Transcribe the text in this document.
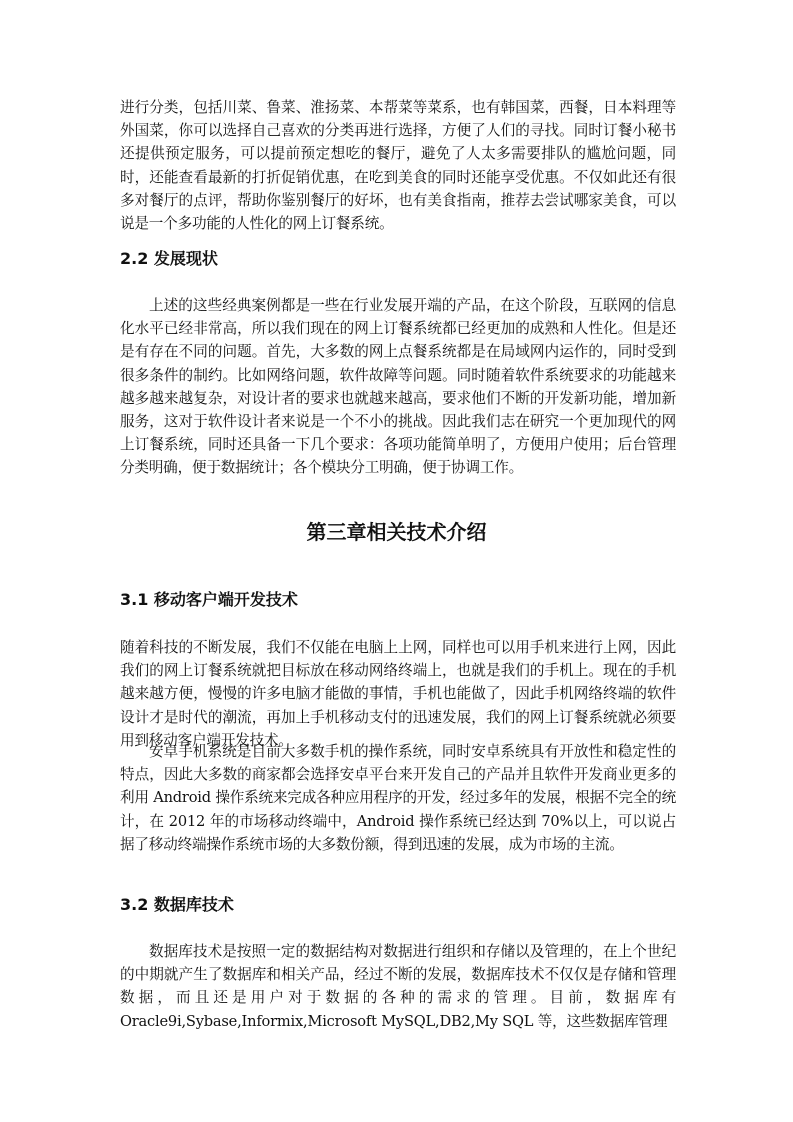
进行分类，包括川菜、鲁菜、淮扬菜、本帮菜等菜系，也有韩国菜，西餐，日本料理等外国菜，你可以选择自己喜欢的分类再进行选择，方便了人们的寻找。同时订餐小秘书还提供预定服务，可以提前预定想吃的餐厅，避免了人太多需要排队的尴尬问题，同时，还能查看最新的打折促销优惠，在吃到美食的同时还能享受优惠。不仅如此还有很多对餐厅的点评，帮助你鉴别餐厅的好坏，也有美食指南，推荐去尝试哪家美食，可以说是一个多功能的人性化的网上订餐系统。

2.2 发展现状

上述的这些经典案例都是一些在行业发展开端的产品，在这个阶段，互联网的信息化水平已经非常高，所以我们现在的网上订餐系统都已经更加的成熟和人性化。但是还是有存在不同的问题。首先，大多数的网上点餐系统都是在局域网内运作的，同时受到很多条件的制约。比如网络问题，软件故障等问题。同时随着软件系统要求的功能越来越多越来越复杂，对设计者的要求也就越来越高，要求他们不断的开发新功能，增加新服务，这对于软件设计者来说是一个不小的挑战。因此我们志在研究一个更加现代的网上订餐系统，同时还具备一下几个要求：各项功能简单明了，方便用户使用；后台管理分类明确，便于数据统计；各个模块分工明确，便于协调工作。

第三章相关技术介绍
3.1 移动客户端开发技术

随着科技的不断发展，我们不仅能在电脑上上网，同样也可以用手机来进行上网，因此我们的网上订餐系统就把目标放在移动网络终端上，也就是我们的手机上。现在的手机越来越方便，慢慢的许多电脑才能做的事情，手机也能做了，因此手机网络终端的软件设计才是时代的潮流，再加上手机移动支付的迅速发展，我们的网上订餐系统就必须要用到移动客户端开发技术。

安卓手机系统是目前大多数手机的操作系统，同时安卓系统具有开放性和稳定性的特点，因此大多数的商家都会选择安卓平台来开发自己的产品并且软件开发商业更多的利用 Android 操作系统来完成各种应用程序的开发，经过多年的发展，根据不完全的统计，在 2012 年的市场移动终端中，Android 操作系统已经达到 70%以上，可以说占据了移动终端操作系统市场的大多数份额，得到迅速的发展，成为市场的主流。

3.2 数据库技术

数据库技术是按照一定的数据结构对数据进行组织和存储以及管理的，在上个世纪的中期就产生了数据库和相关产品，经过不断的发展，数据库技术不仅仅是存储和管理数据，而且还是用户对于数据的各种的需求的管理。目前，数据库有 Oracle9i,Sybase,Informix,Microsoft MySQL,DB2,My SQL 等，这些数据库管理
